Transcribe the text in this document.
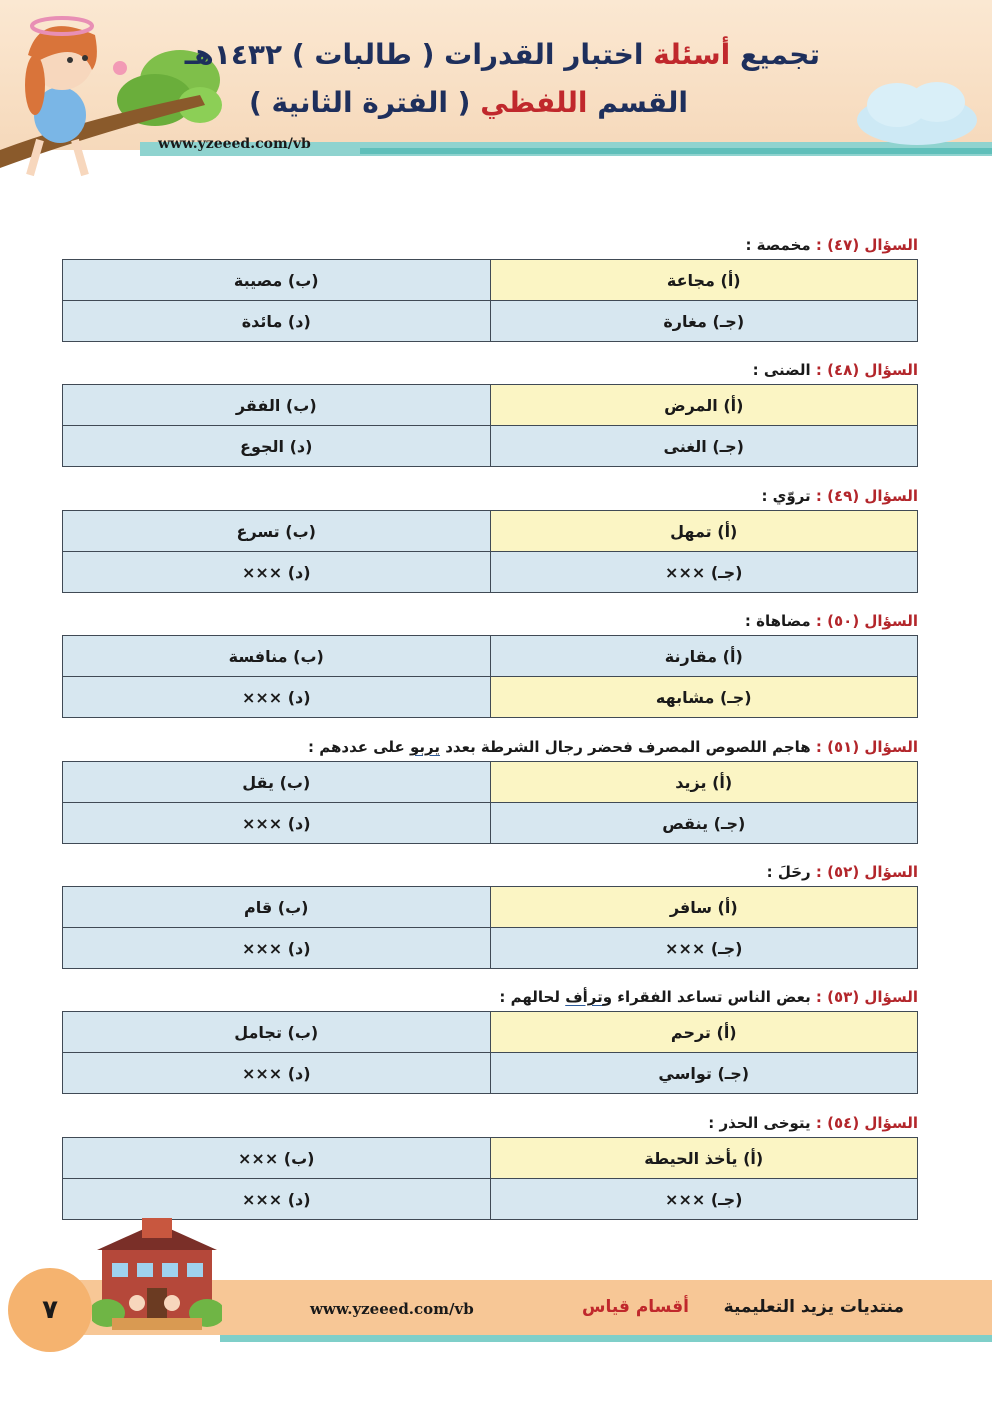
تجميع أسئلة اختبار القدرات ( طالبات ) ١٤٣٢هـ
القسم اللفظي ( الفترة الثانية )
www.yzeeed.com/vb
السؤال (٤٧) : مخمصة :
(ب) مصيبة	(أ) مجاعة
(د) مائدة	(جـ) مغارة
السؤال (٤٨) : الضنى :
(ب) الفقر	(أ) المرض
(د) الجوع	(جـ) الغنى
السؤال (٤٩) : تروّي :
(ب) تسرع	(أ) تمهل
(د) ×××	(جـ) ×××
السؤال (٥٠) : مضاهاة :
(ب) منافسة	(أ) مقارنة
(د) ×××	(جـ) مشابهه
السؤال (٥١) : هاجم اللصوص المصرف فحضر رجال الشرطة بعدد يربو على عددهم :
(ب) يقل	(أ) يزيد
(د) ×××	(جـ) ينقص
السؤال (٥٢) : رحَلَ :
(ب) قام	(أ) سافر
(د) ×××	(جـ) ×××
السؤال (٥٣) : بعض الناس تساعد الفقراء وترأف لحالهم :
(ب) تجامل	(أ) ترحم
(د) ×××	(جـ) تواسي
السؤال (٥٤) : يتوخى الحذر :
(ب) ×××	(أ) يأخذ الحيطة
(د) ×××	(جـ) ×××
٧	منتديات يزيد التعليمية
أقسام قياس
www.yzeeed.com/vb
